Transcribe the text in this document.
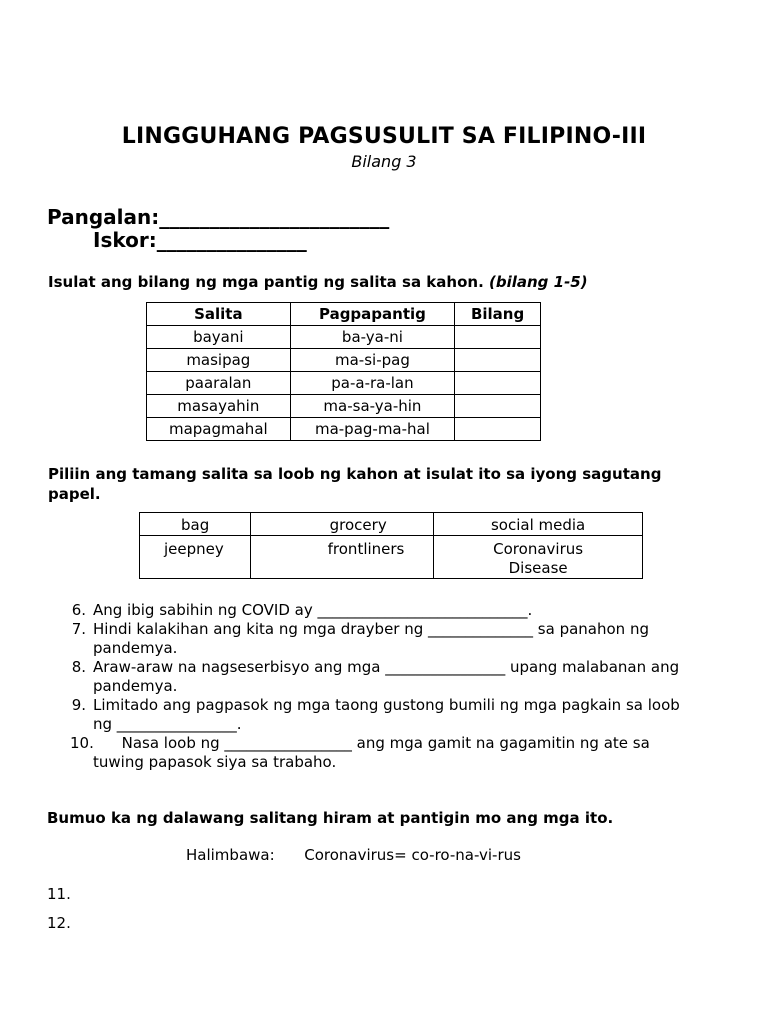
LINGGUHANG PAGSUSULIT SA FILIPINO-III
Bilang 3
Pangalan:_______________________
Iskor:_______________
Isulat ang bilang ng mga pantig ng salita sa kahon. (bilang 1-5)
Salita	Pagpapantig	Bilang
bayani	ba-ya-ni	
masipag	ma-si-pag	
paaralan	pa-a-ra-lan	
masayahin	ma-sa-ya-hin	
mapagmahal	ma-pag-ma-hal	
Piliin ang tamang salita sa loob ng kahon at isulat ito sa iyong sagutang
papel.
bag	grocery	social media
jeepney	frontliners	Coronavirus Disease
6. Ang ibig sabihin ng COVID ay ____________________________.
7. Hindi kalakihan ang kita ng mga drayber ng ______________ sa panahon ng
pandemya.
8. Araw-araw na nagseserbisyo ang mga ________________ upang malabanan ang
pandemya.
9. Limitado ang pagpasok ng mga taong gustong bumili ng mga pagkain sa loob
ng ________________.
10. Nasa loob ng _________________ ang mga gamit na gagamitin ng ate sa
tuwing papasok siya sa trabaho.
Bumuo ka ng dalawang salitang hiram at pantigin mo ang mga ito.
Halimbawa: Coronavirus= co-ro-na-vi-rus
11.
12.
